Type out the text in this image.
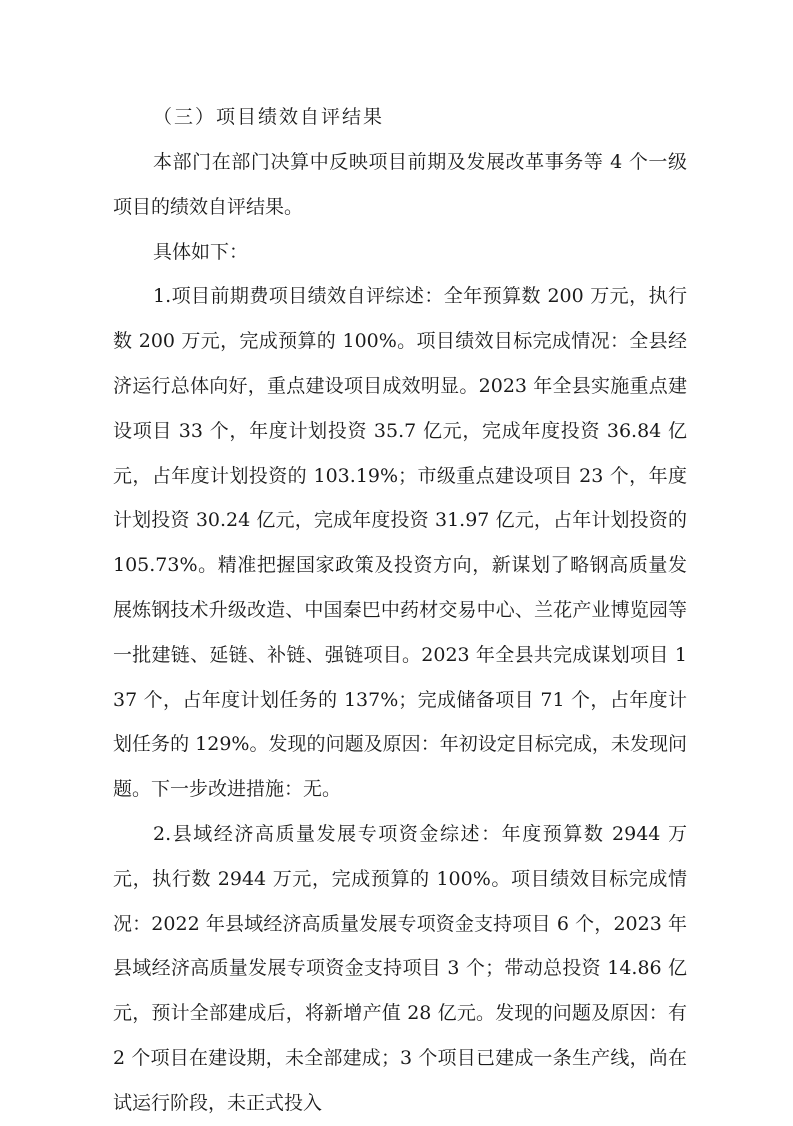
（三）项目绩效自评结果

本部门在部门决算中反映项目前期及发展改革事务等 4 个一级项目的绩效自评结果。

具体如下：

1.项目前期费项目绩效自评综述：全年预算数 200 万元，执行数 200 万元，完成预算的 100%。项目绩效目标完成情况：全县经济运行总体向好，重点建设项目成效明显。2023 年全县实施重点建设项目 33 个，年度计划投资 35.7 亿元，完成年度投资 36.84 亿元，占年度计划投资的 103.19%；市级重点建设项目 23 个，年度计划投资 30.24 亿元，完成年度投资 31.97 亿元，占年计划投资的 105.73%。精准把握国家政策及投资方向，新谋划了略钢高质量发展炼钢技术升级改造、中国秦巴中药材交易中心、兰花产业博览园等一批建链、延链、补链、强链项目。2023 年全县共完成谋划项目 137 个，占年度计划任务的 137%；完成储备项目 71 个，占年度计划任务的 129%。发现的问题及原因：年初设定目标完成，未发现问题。下一步改进措施：无。

2.县域经济高质量发展专项资金综述：年度预算数 2944 万元，执行数 2944 万元，完成预算的 100%。项目绩效目标完成情况：2022 年县域经济高质量发展专项资金支持项目 6 个，2023 年县域经济高质量发展专项资金支持项目 3 个；带动总投资 14.86 亿元，预计全部建成后，将新增产值 28 亿元。发现的问题及原因：有 2 个项目在建设期，未全部建成；3 个项目已建成一条生产线，尚在试运行阶段，未正式投入
